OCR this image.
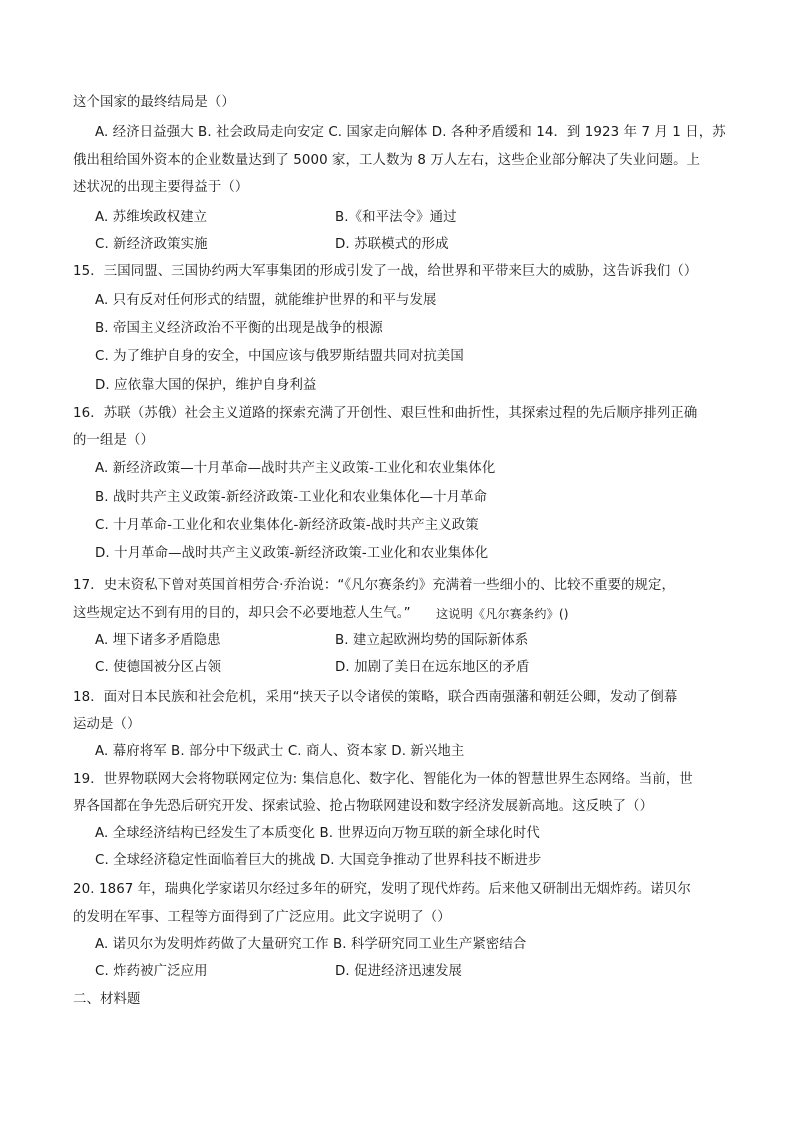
这个国家的最终结局是（）
A. 经济日益强大 B. 社会政局走向安定 C. 国家走向解体 D. 各种矛盾缓和 14．到 1923 年 7 月 1 日，苏
俄出租给国外资本的企业数量达到了 5000 家，工人数为 8 万人左右，这些企业部分解决了失业问题。上
述状况的出现主要得益于（）
A. 苏维埃政权建立	B.《和平法令》通过
C. 新经济政策实施	D. 苏联模式的形成
15．三国同盟、三国协约两大军事集团的形成引发了一战，给世界和平带来巨大的威胁，这告诉我们（）
A. 只有反对任何形式的结盟，就能维护世界的和平与发展
B. 帝国主义经济政治不平衡的出现是战争的根源
C. 为了维护自身的安全，中国应该与俄罗斯结盟共同对抗美国
D. 应依靠大国的保护，维护自身利益
16．苏联（苏俄）社会主义道路的探索充满了开创性、艰巨性和曲折性，其探索过程的先后顺序排列正确
的一组是（）
A. 新经济政策—十月革命—战时共产主义政策-工业化和农业集体化
B. 战时共产主义政策-新经济政策-工业化和农业集体化—十月革命
C. 十月革命-工业化和农业集体化-新经济政策-战时共产主义政策
D. 十月革命—战时共产主义政策-新经济政策-工业化和农业集体化
17．史末资私下曾对英国首相劳合·乔治说：“《凡尔赛条约》充满着一些细小的、比较不重要的规定，
这些规定达不到有用的目的，却只会不必要地惹人生气。” 这说明《凡尔赛条约》()
A. 埋下诸多矛盾隐患	B. 建立起欧洲均势的国际新体系
C. 使德国被分区占领	D. 加剧了美日在远东地区的矛盾
18．面对日本民族和社会危机，采用“挟天子以令诸侯的策略，联合西南强藩和朝廷公卿，发动了倒幕
运动是（）
A. 幕府将军 B. 部分中下级武士 C. 商人、资本家 D. 新兴地主
19．世界物联网大会将物联网定位为: 集信息化、数字化、智能化为一体的智慧世界生态网络。当前，世
界各国都在争先恐后研究开发、探索试验、抢占物联网建设和数字经济发展新高地。这反映了（）
A. 全球经济结构已经发生了本质变化 B. 世界迈向万物互联的新全球化时代
C. 全球经济稳定性面临着巨大的挑战 D. 大国竞争推动了世界科技不断进步
20. 1867 年，瑞典化学家诺贝尔经过多年的研究，发明了现代炸药。后来他又研制出无烟炸药。诺贝尔
的发明在军事、工程等方面得到了广泛应用。此文字说明了（）
A. 诺贝尔为发明炸药做了大量研究工作 B. 科学研究同工业生产紧密结合
C. 炸药被广泛应用	D. 促进经济迅速发展
二、材料题
